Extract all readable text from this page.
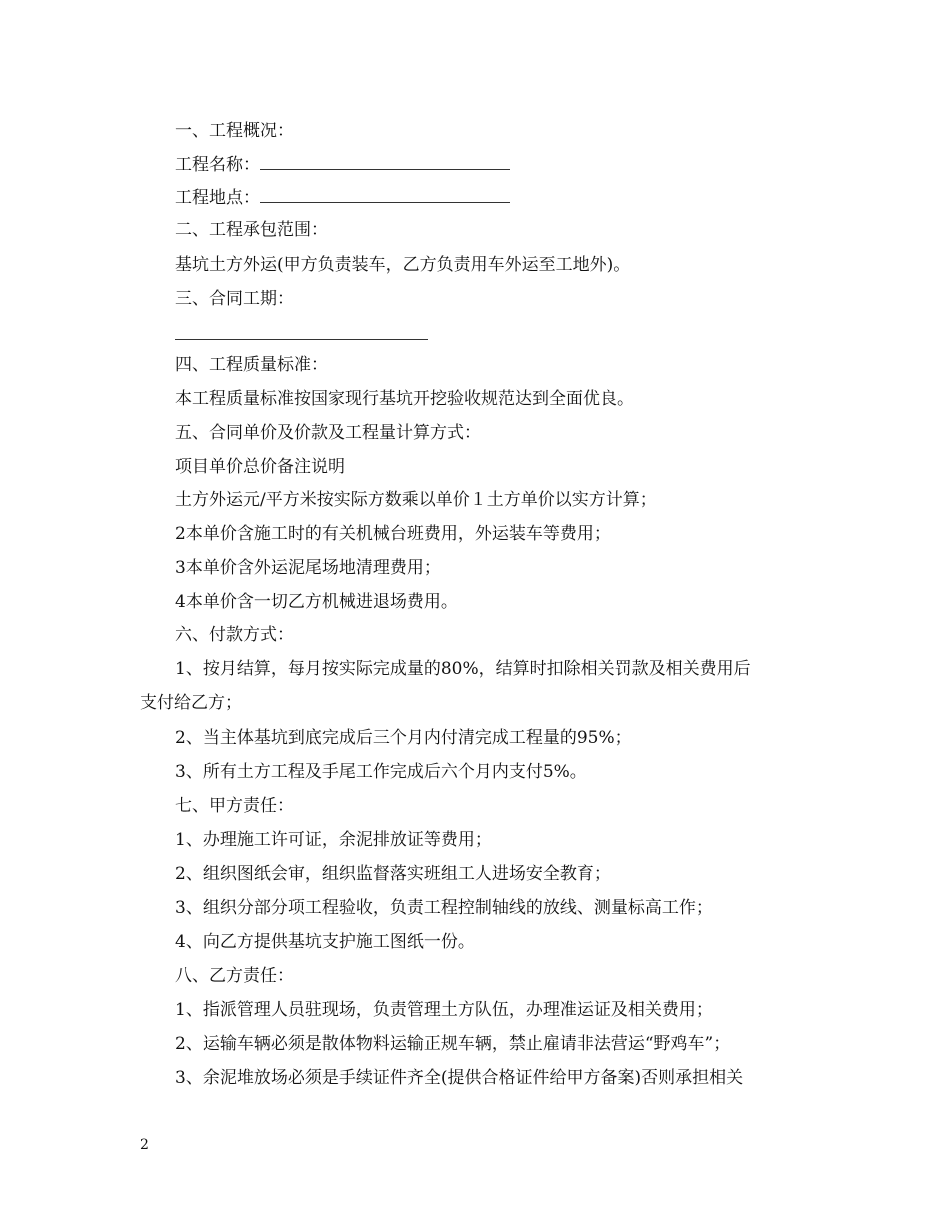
一、工程概况：
工程名称：
工程地点：
二、工程承包范围：
基坑土方外运(甲方负责装车，乙方负责用车外运至工地外)。
三、合同工期：
四、工程质量标准：
本工程质量标准按国家现行基坑开挖验收规范达到全面优良。
五、合同单价及价款及工程量计算方式：
项目单价总价备注说明
土方外运元/平方米按实际方数乘以单价１土方单价以实方计算；
2本单价含施工时的有关机械台班费用，外运装车等费用；
3本单价含外运泥尾场地清理费用；
4本单价含一切乙方机械进退场费用。
六、付款方式：
1、按月结算，每月按实际完成量的80%，结算时扣除相关罚款及相关费用后
支付给乙方；
2、当主体基坑到底完成后三个月内付清完成工程量的95%；
3、所有土方工程及手尾工作完成后六个月内支付5%。
七、甲方责任：
1、办理施工许可证，余泥排放证等费用；
2、组织图纸会审，组织监督落实班组工人进场安全教育；
3、组织分部分项工程验收，负责工程控制轴线的放线、测量标高工作；
4、向乙方提供基坑支护施工图纸一份。
八、乙方责任：
1、指派管理人员驻现场，负责管理土方队伍，办理准运证及相关费用；
2、运输车辆必须是散体物料运输正规车辆，禁止雇请非法营运“野鸡车”；
3、余泥堆放场必须是手续证件齐全(提供合格证件给甲方备案)否则承担相关
2
